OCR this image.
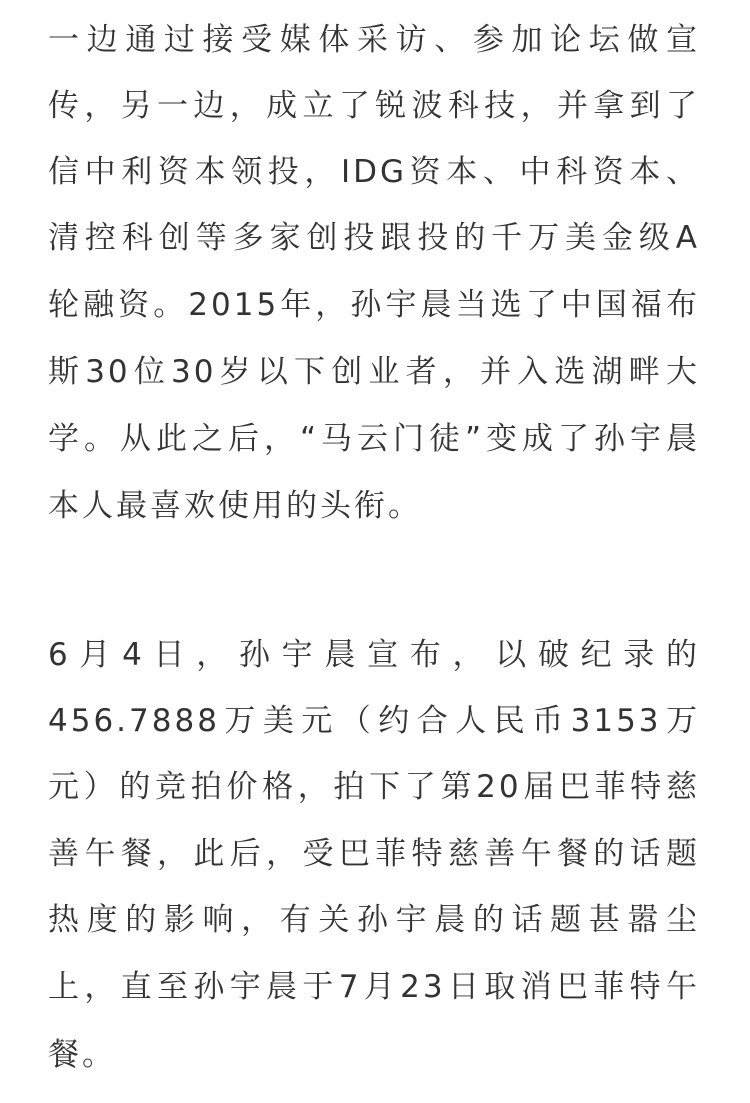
一边通过接受媒体采访、参加论坛做宣
传，另一边，成立了锐波科技，并拿到了
信中利资本领投，IDG资本、中科资本、
清控科创等多家创投跟投的千万美金级A
轮融资。2015年，孙宇晨当选了中国福布
斯30位30岁以下创业者，并入选湖畔大
学。从此之后，“马云门徒”变成了孙宇晨
本人最喜欢使用的头衔。
6月4日，孙宇晨宣布，以破纪录的
456.7888万美元（约合人民币3153万
元）的竞拍价格，拍下了第20届巴菲特慈
善午餐，此后，受巴菲特慈善午餐的话题
热度的影响，有关孙宇晨的话题甚嚣尘
上，直至孙宇晨于7月23日取消巴菲特午
餐。
